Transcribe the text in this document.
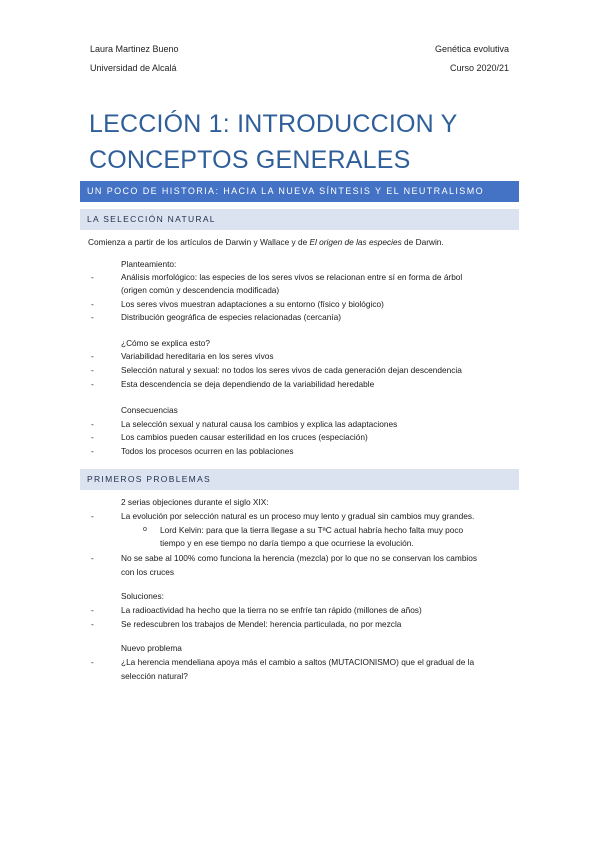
Laura Martinez Bueno	Genética evolutiva
Universidad de Alcalá	Curso 2020/21
LECCIÓN 1: INTRODUCCION Y CONCEPTOS GENERALES
UN POCO DE HISTORIA: HACIA LA NUEVA SÍNTESIS Y EL NEUTRALISMO
LA SELECCIÓN NATURAL
Comienza a partir de los artículos de Darwin y Wallace y de El origen de las especies de Darwin.
Planteamiento:
-	Análisis morfológico: las especies de los seres vivos se relacionan entre sí en forma de árbol
(origen común y descendencia modificada)
-	Los seres vivos muestran adaptaciones a su entorno (físico y biológico)
-	Distribución geográfica de especies relacionadas (cercanía)
¿Cómo se explica esto?
-	Variabilidad hereditaria en los seres vivos
-	Selección natural y sexual: no todos los seres vivos de cada generación dejan descendencia
-	Esta descendencia se deja dependiendo de la variabilidad heredable
Consecuencias
-	La selección sexual y natural causa los cambios y explica las adaptaciones
-	Los cambios pueden causar esterilidad en los cruces (especiación)
-	Todos los procesos ocurren en las poblaciones
PRIMEROS PROBLEMAS
2 serias objeciones durante el siglo XIX:
-	La evolución por selección natural es un proceso muy lento y gradual sin cambios muy grandes.
o Lord Kelvin: para que la tierra llegase a su TªC actual habría hecho falta muy poco
tiempo y en ese tiempo no daría tiempo a que ocurriese la evolución.
-	No se sabe al 100% como funciona la herencia (mezcla) por lo que no se conservan los cambios
con los cruces
Soluciones:
-	La radioactividad ha hecho que la tierra no se enfríe tan rápido (millones de años)
-	Se redescubren los trabajos de Mendel: herencia particulada, no por mezcla
Nuevo problema
-	¿La herencia mendeliana apoya más el cambio a saltos (MUTACIONISMO) que el gradual de la
selección natural?
